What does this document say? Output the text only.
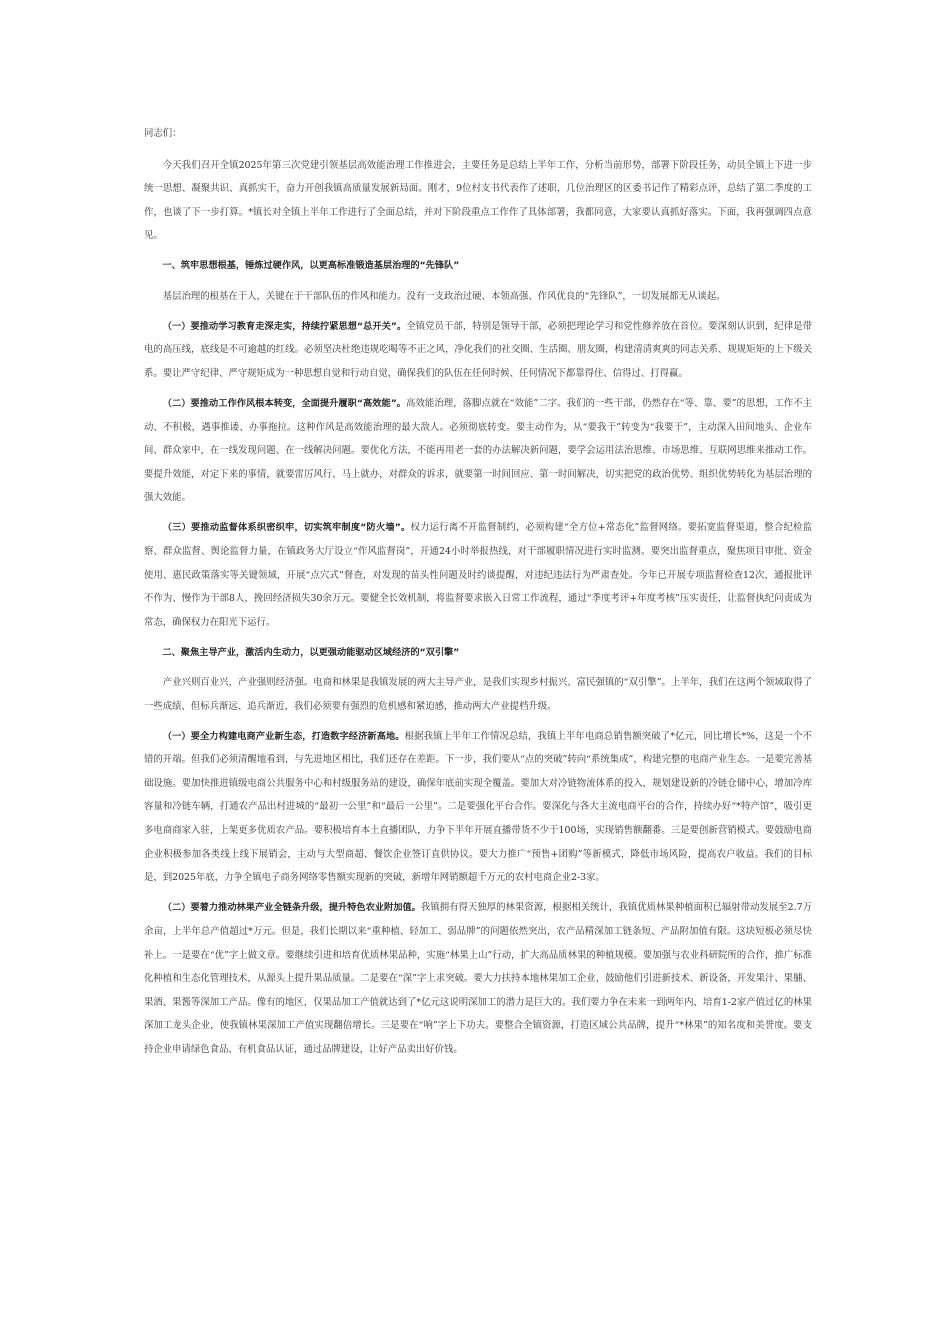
同志们：

今天我们召开全镇2025年第三次党建引领基层高效能治理工作推进会，主要任务是总结上半年工作，分析当前形势，部署下阶段任务，动员全镇上下进一步统一思想、凝聚共识、真抓实干，奋力开创我镇高质量发展新局面。刚才，9位村支书代表作了述职，几位治理区的区委书记作了精彩点评，总结了第二季度的工作，也谈了下一步打算。*镇长对全镇上半年工作进行了全面总结，并对下阶段重点工作作了具体部署，我都同意，大家要认真抓好落实。下面，我再强调四点意见。

一、筑牢思想根基，锤炼过硬作风，以更高标准锻造基层治理的“先锋队”

基层治理的根基在于人，关键在于干部队伍的作风和能力。没有一支政治过硬、本领高强、作风优良的“先锋队”，一切发展都无从谈起。

（一）要推动学习教育走深走实，持续拧紧思想“总开关”。全镇党员干部，特别是领导干部，必须把理论学习和党性修养放在首位。要深刻认识到，纪律是带电的高压线，底线是不可逾越的红线。必须坚决杜绝违规吃喝等不正之风，净化我们的社交圈、生活圈、朋友圈，构建清清爽爽的同志关系、规规矩矩的上下级关系。要让严守纪律、严守规矩成为一种思想自觉和行动自觉，确保我们的队伍在任何时候、任何情况下都靠得住、信得过、打得赢。

（二）要推动工作作风根本转变，全面提升履职“高效能”。高效能治理，落脚点就在“效能”二字。我们的一些干部，仍然存在“等、靠、要”的思想，工作不主动、不积极，遇事推诿、办事拖拉。这种作风是高效能治理的最大敌人。必须彻底转变。要主动作为，从“要我干”转变为“我要干”，主动深入田间地头、企业车间、群众家中，在一线发现问题、在一线解决问题。要优化方法，不能再用老一套的办法解决新问题，要学会运用法治思维、市场思维、互联网思维来推动工作。要提升效能，对定下来的事情，就要雷厉风行、马上就办，对群众的诉求，就要第一时间回应、第一时间解决，切实把党的政治优势、组织优势转化为基层治理的强大效能。

（三）要推动监督体系织密织牢，切实筑牢制度“防火墙”。权力运行离不开监督制约，必须构建“全方位+常态化”监督网络。要拓宽监督渠道，整合纪检监察、群众监督、舆论监督力量，在镇政务大厅设立“作风监督岗”，开通24小时举报热线，对干部履职情况进行实时监测。要突出监督重点，聚焦项目审批、资金使用、惠民政策落实等关键领域，开展“点穴式”督查，对发现的苗头性问题及时约谈提醒，对违纪违法行为严肃查处。今年已开展专项监督检查12次，通报批评不作为、慢作为干部8人，挽回经济损失30余万元。要健全长效机制，将监督要求嵌入日常工作流程，通过“季度考评+年度考核”压实责任，让监督执纪问责成为常态，确保权力在阳光下运行。

二、聚焦主导产业，激活内生动力，以更强动能驱动区域经济的“双引擎”

产业兴则百业兴，产业强则经济强。电商和林果是我镇发展的两大主导产业，是我们实现乡村振兴、富民强镇的“双引擎”。上半年，我们在这两个领域取得了一些成绩，但标兵渐远、追兵渐近，我们必须要有强烈的危机感和紧迫感，推动两大产业提档升级。

（一）要全力构建电商产业新生态，打造数字经济新高地。根据我镇上半年工作情况总结，我镇上半年电商总销售额突破了*亿元，同比增长*%，这是一个不错的开端。但我们必须清醒地看到，与先进地区相比，我们还存在差距。下一步，我们要从“点的突破”转向“系统集成”，构建完整的电商产业生态。一是要完善基础设施。要加快推进镇级电商公共服务中心和村级服务站的建设，确保年底前实现全覆盖。要加大对冷链物流体系的投入，规划建设新的冷链仓储中心，增加冷库容量和冷链车辆，打通农产品出村进城的“最初一公里”和“最后一公里”。二是要强化平台合作。要深化与各大主流电商平台的合作，持续办好“*特产馆”，吸引更多电商商家入驻，上架更多优质农产品。要积极培育本土直播团队，力争下半年开展直播带货不少于100场，实现销售额翻番。三是要创新营销模式。要鼓励电商企业积极参加各类线上线下展销会，主动与大型商超、餐饮企业签订直供协议。要大力推广“预售+团购”等新模式，降低市场风险，提高农户收益。我们的目标是，到2025年底，力争全镇电子商务网络零售额实现新的突破，新增年网销额超千万元的农村电商企业2-3家。

（二）要着力推动林果产业全链条升级，提升特色农业附加值。我镇拥有得天独厚的林果资源，根据相关统计，我镇优质林果种植面积已辐射带动发展至2.7万余亩，上半年总产值超过*万元。但是，我们长期以来“重种植、轻加工、弱品牌”的问题依然突出，农产品精深加工链条短、产品附加值有限。这块短板必须尽快补上。一是要在“优”字上做文章。要继续引进和培育优质林果品种，实施“林果上山”行动，扩大高品质林果的种植规模。要加强与农业科研院所的合作，推广标准化种植和生态化管理技术，从源头上提升果品质量。二是要在“深”字上求突破。要大力扶持本地林果加工企业，鼓励他们引进新技术、新设备，开发果汁、果脯、果酒、果酱等深加工产品。像有的地区，仅果品加工产值就达到了*亿元这说明深加工的潜力是巨大的。我们要力争在未来一到两年内，培育1-2家产值过亿的林果深加工龙头企业，使我镇林果深加工产值实现翻倍增长。三是要在“响”字上下功夫。要整合全镇资源，打造区域公共品牌，提升“*林果”的知名度和美誉度。要支持企业申请绿色食品、有机食品认证，通过品牌建设，让好产品卖出好价钱。
